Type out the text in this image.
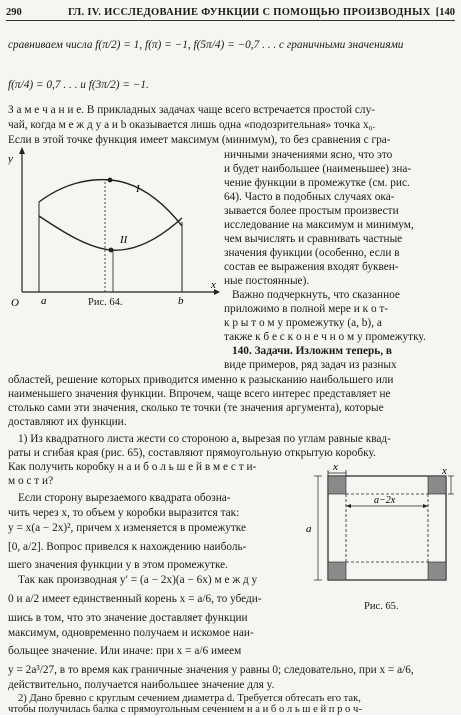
290	ГЛ. IV. ИССЛЕДОВАНИЕ ФУНКЦИИ С ПОМОЩЬЮ ПРОИЗВОДНЫХ [140
сравниваем числа f(π/2) = 1, f(π) = −1, f(5π/4) = −0,7 . . . с граничными значениями
f(π/4) = 0,7 . . . и f(3π/2) = −1.
З а м е ч а н и е. В прикладных задачах чаще всего встречается простой слу-
чай, когда м е ж д у a и b оказывается лишь одна «подозрительная» точка x₀.
Если в этой точке функция имеет максимум (минимум), то без сравнения с гра-
y
x
O a	b
I
II
Рис. 64.
ничными значениями ясно, что это
и будет наибольшее (наименьшее) зна-
чение функции в промежутке (см. рис.
64). Часто в подобных случаях ока-
зывается более простым произвести
исследование на максимум и минимум,
чем вычислять и сравнивать частные
значения функции (особенно, если в
состав ее выражения входят буквен-
ные постоянные).
Важно подчеркнуть, что сказанное
приложимо в полной мере и к о т-
к р ы т о м у промежутку (a, b), а
также к б е с к о н е ч н о м у промежутку.
140. Задачи. Изложим теперь, в
виде примеров, ряд задач из разных
областей, решение которых приводится именно к разысканию наибольшего или
наименьшего значения функции. Впрочем, чаще всего интерес представляет не
столько сами эти значения, сколько те точки (те значения аргумента), которые
доставляют их функции.
1) Из квадратного листа жести со стороною a, вырезая по углам равные квад-
раты и сгибая края (рис. 65), составляют прямоугольную открытую коробку.
Как получить коробку н а и б о л ь ш е й в м е с т и-
м о с т и?
Если сторону вырезаемого квадрата обозна-
чить через x, то объем y коробки выразится так:
y = x(a − 2x)², причем x изменяется в промежутке
[0, a/2]. Вопрос привелся к нахождению наиболь-
шего значения функции y в этом промежутке.
Так как производная y′ = (a − 2x)(a − 6x) м е ж д у
0 и a/2 имеет единственный корень x = a/6, то убеди-
шись в том, что это значение доставляет функции
максимум, одновременно получаем и искомое наи-
больщее значение. Или иначе: при x = a/6 имеем
x	x
a−2x
a
Рис. 65.
y = 2a³/27, в то время как граничные значения y равны 0; следовательно, при x = a/6,
действительно, получается наибольшее значение для y.
2) Дано бревно с круглым сечением диаметра d. Требуется обтесать его так,
чтобы получилась балка с прямоугольным сечением н а и б о л ь ш е й п р о ч-
